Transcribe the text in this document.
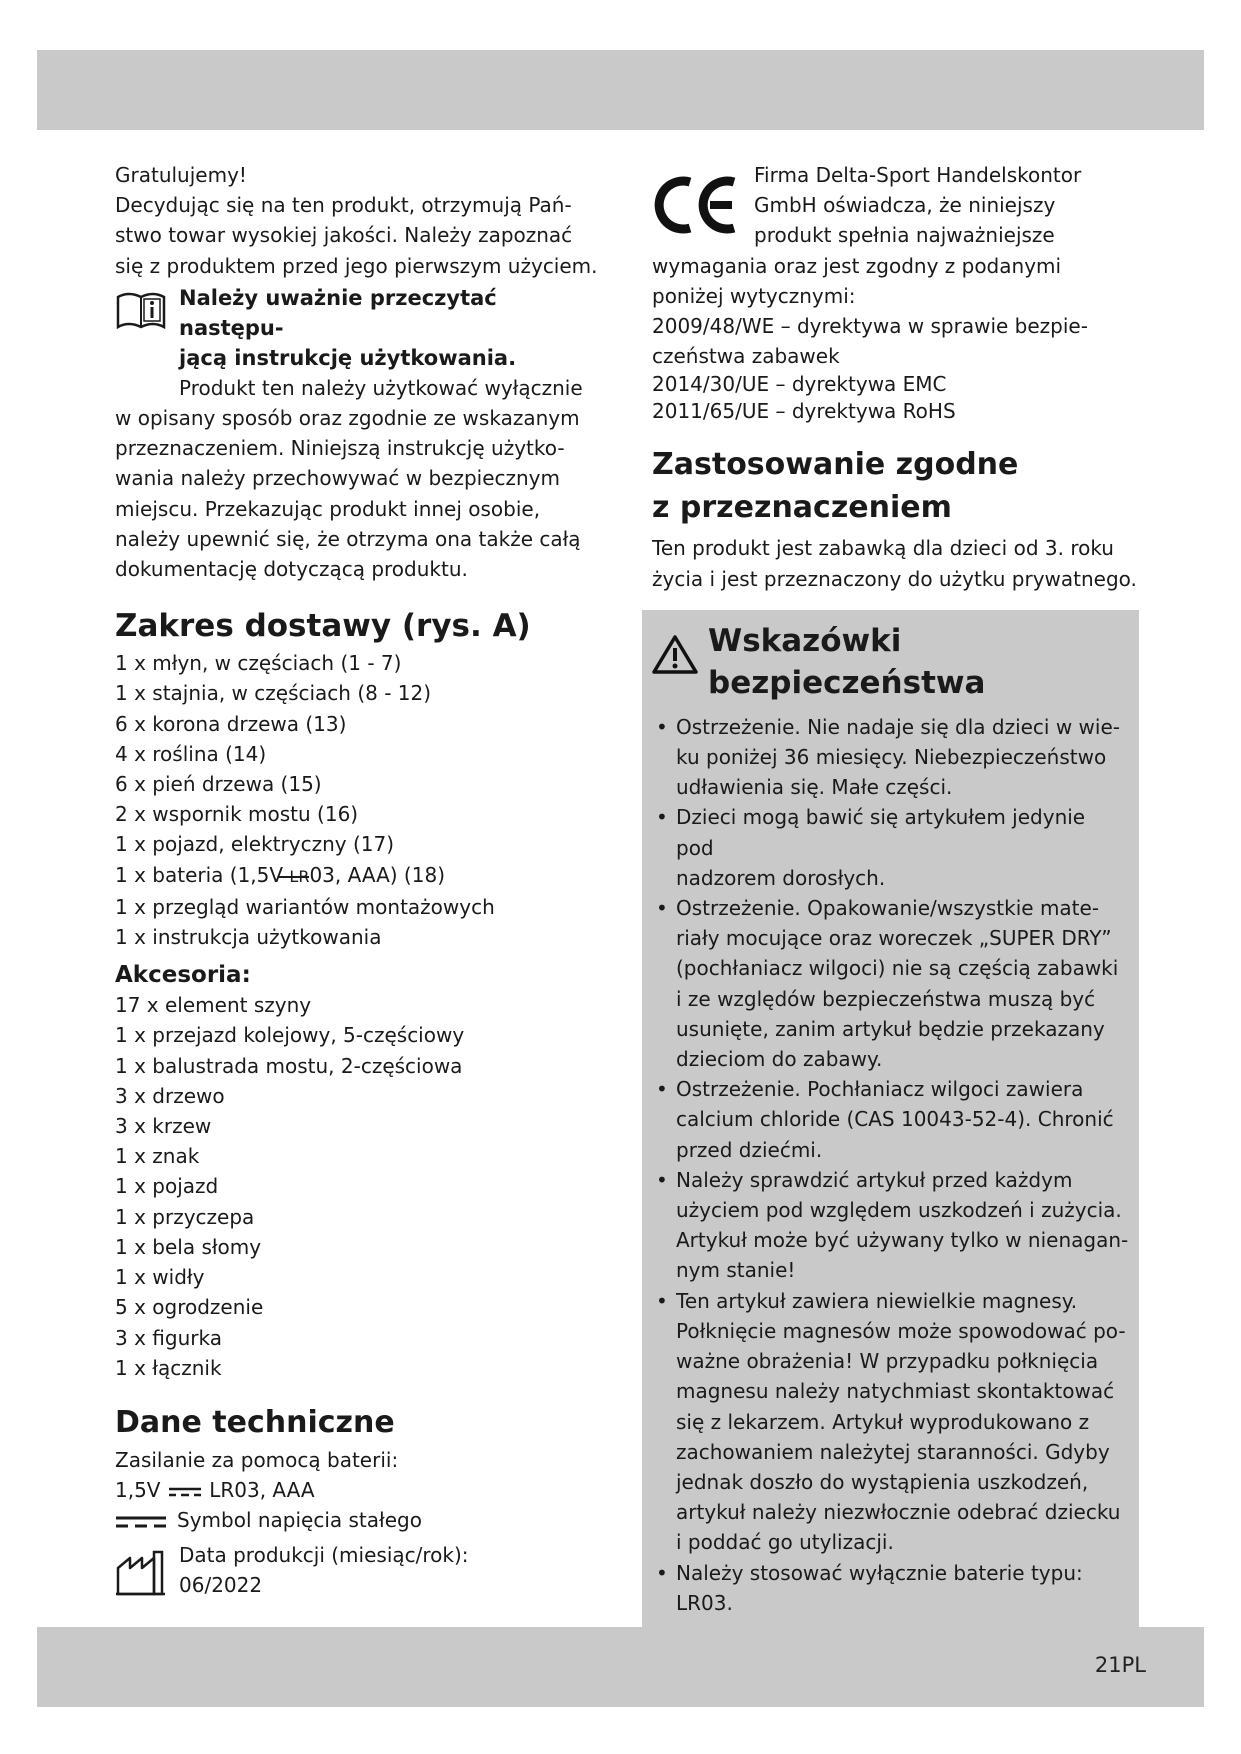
Gratulujemy!

Decydując się na ten produkt, otrzymują Pań-

stwo towar wysokiej jakości. Należy zapoznać

się z produktem przed jego pierwszym użyciem.

Należy uważnie przeczytać następu-

jącą instrukcję użytkowania.

Produkt ten należy użytkować wyłącznie

w opisany sposób oraz zgodnie ze wskazanym

przeznaczeniem. Niniejszą instrukcję użytko-

wania należy przechowywać w bezpiecznym

miejscu. Przekazując produkt innej osobie,

należy upewnić się, że otrzyma ona także całą

dokumentację dotyczącą produktu.

Zakres dostawy (rys. A)

1 x młyn, w częściach (1 - 7)

1 x stajnia, w częściach (8 - 12)

6 x korona drzewa (13)

4 x roślina (14)

6 x pień drzewa (15)

2 x wspornik mostu (16)

1 x pojazd, elektryczny (17)

1 x bateria (1,5V LR
03, AAA) (18)

1 x przegląd wariantów montażowych

1 x instrukcja użytkowania

Akcesoria:

17 x element szyny

1 x przejazd kolejowy, 5-częściowy

1 x balustrada mostu, 2-częściowa

3 x drzewo

3 x krzew

1 x znak

1 x pojazd

1 x przyczepa

1 x bela słomy

1 x widły

5 x ogrodzenie

3 x figurka

1 x łącznik

Dane techniczne

Zasilanie za pomocą baterii:

1,5V LR03, AAA

Symbol napięcia stałego

Data produkcji (miesiąc/rok):

06/2022

Firma Delta-Sport Handelskontor

GmbH oświadcza, że niniejszy

produkt spełnia najważniejsze

wymagania oraz jest zgodny z podanymi

poniżej wytycznymi:

2009/48/WE – dyrektywa w sprawie bezpie-

czeństwa zabawek

2014/30/UE – dyrektywa EMC

2011/65/UE – dyrektywa RoHS

Zastosowanie zgodne
z przeznaczeniem

Ten produkt jest zabawką dla dzieci od 3. roku

życia i jest przeznaczony do użytku prywatnego.

Wskazówki
bezpieczeństwa
• Ostrzeżenie. Nie nadaje się dla dzieci w wie-
ku poniżej 36 miesięcy. Niebezpieczeństwo
udławienia się. Małe części.
• Dzieci mogą bawić się artykułem jedynie pod
nadzorem dorosłych.
• Ostrzeżenie. Opakowanie/wszystkie mate-
riały mocujące oraz woreczek „SUPER DRY”
(pochłaniacz wilgoci) nie są częścią zabawki
i ze względów bezpieczeństwa muszą być
usunięte, zanim artykuł będzie przekazany
dzieciom do zabawy.
• Ostrzeżenie. Pochłaniacz wilgoci zawiera
calcium chloride (CAS 10043-52-4). Chronić
przed dziećmi.
• Należy sprawdzić artykuł przed każdym
użyciem pod względem uszkodzeń i zużycia.
Artykuł może być używany tylko w nienagan-
nym stanie!
• Ten artykuł zawiera niewielkie magnesy.
Połknięcie magnesów może spowodować po-
ważne obrażenia! W przypadku połknięcia
magnesu należy natychmiast skontaktować
się z lekarzem. Artykuł wyprodukowano z
zachowaniem należytej staranności. Gdyby
jednak doszło do wystąpienia uszkodzeń,
artykuł należy niezwłocznie odebrać dziecku
i poddać go utylizacji.
• Należy stosować wyłącznie baterie typu:
LR03.
21PL
